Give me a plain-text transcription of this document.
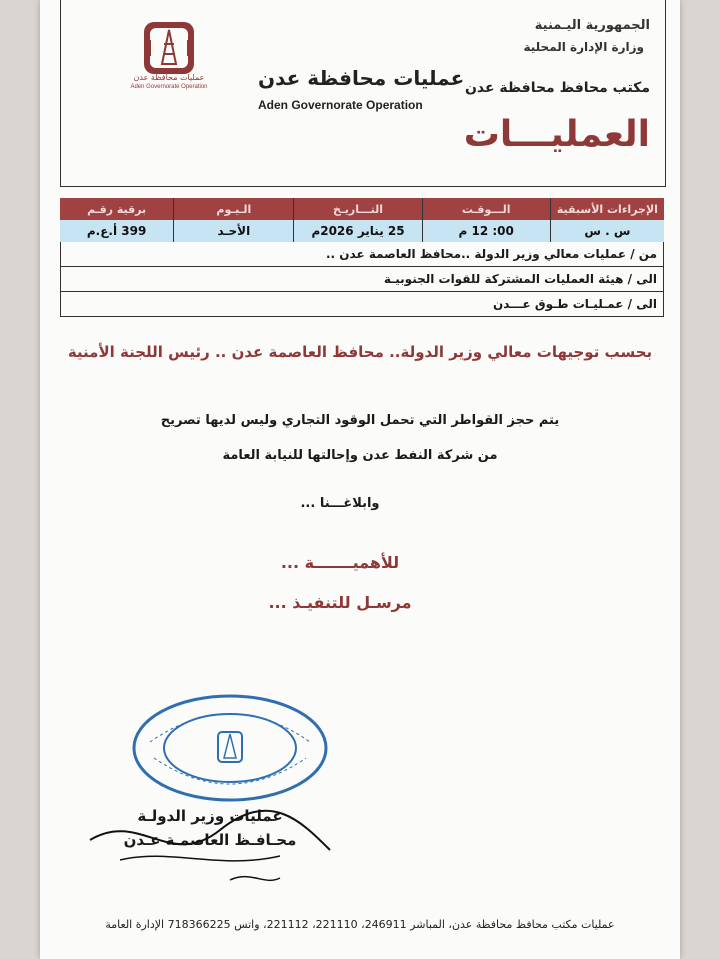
عمليات محافظة عدن
Aden Governorate Operation
الجمهورية اليـمنية
وزارة الإدارة المحلية
مكتب محافظ محافظة عدن
العمليـــات
عمليات محافظة عدن
Aden Governorate Operation
الإجراءات الأسبقية
الـــوقـت
التـــاريـخ
الـيـوم
برقية رقـم
س . س
00: 12 م
25 يناير 2026م
الأحـد
399 أ.ع.م
من / عمليات معالي وزير الدولة ..محافظ العاصمة عدن ..
الى / هيئة العمليات المشتركة للقوات الجنوبيـة
الى / عمـليـات طـوق عـــدن
بحسب توجيهات معالي وزير الدولة.. محافظ العاصمة عدن .. رئيس اللجنة الأمنية
يتم حجز القواطر التي تحمل الوقود التجاري وليس لديها تصريح
من شركة النفط عدن وإحالتها للنيابة العامة
وابلاغـــنا ...
للأهميـــــــة ...
مرسـل للتنفيـذ ...
عمليات وزير الدولـة
محـافـظ العاصمـة عـدن
عمليات مكتب محافظ محافظة عدن، المباشر 246911، 221110، 221112، واتس 718366225 الإدارة العامة
